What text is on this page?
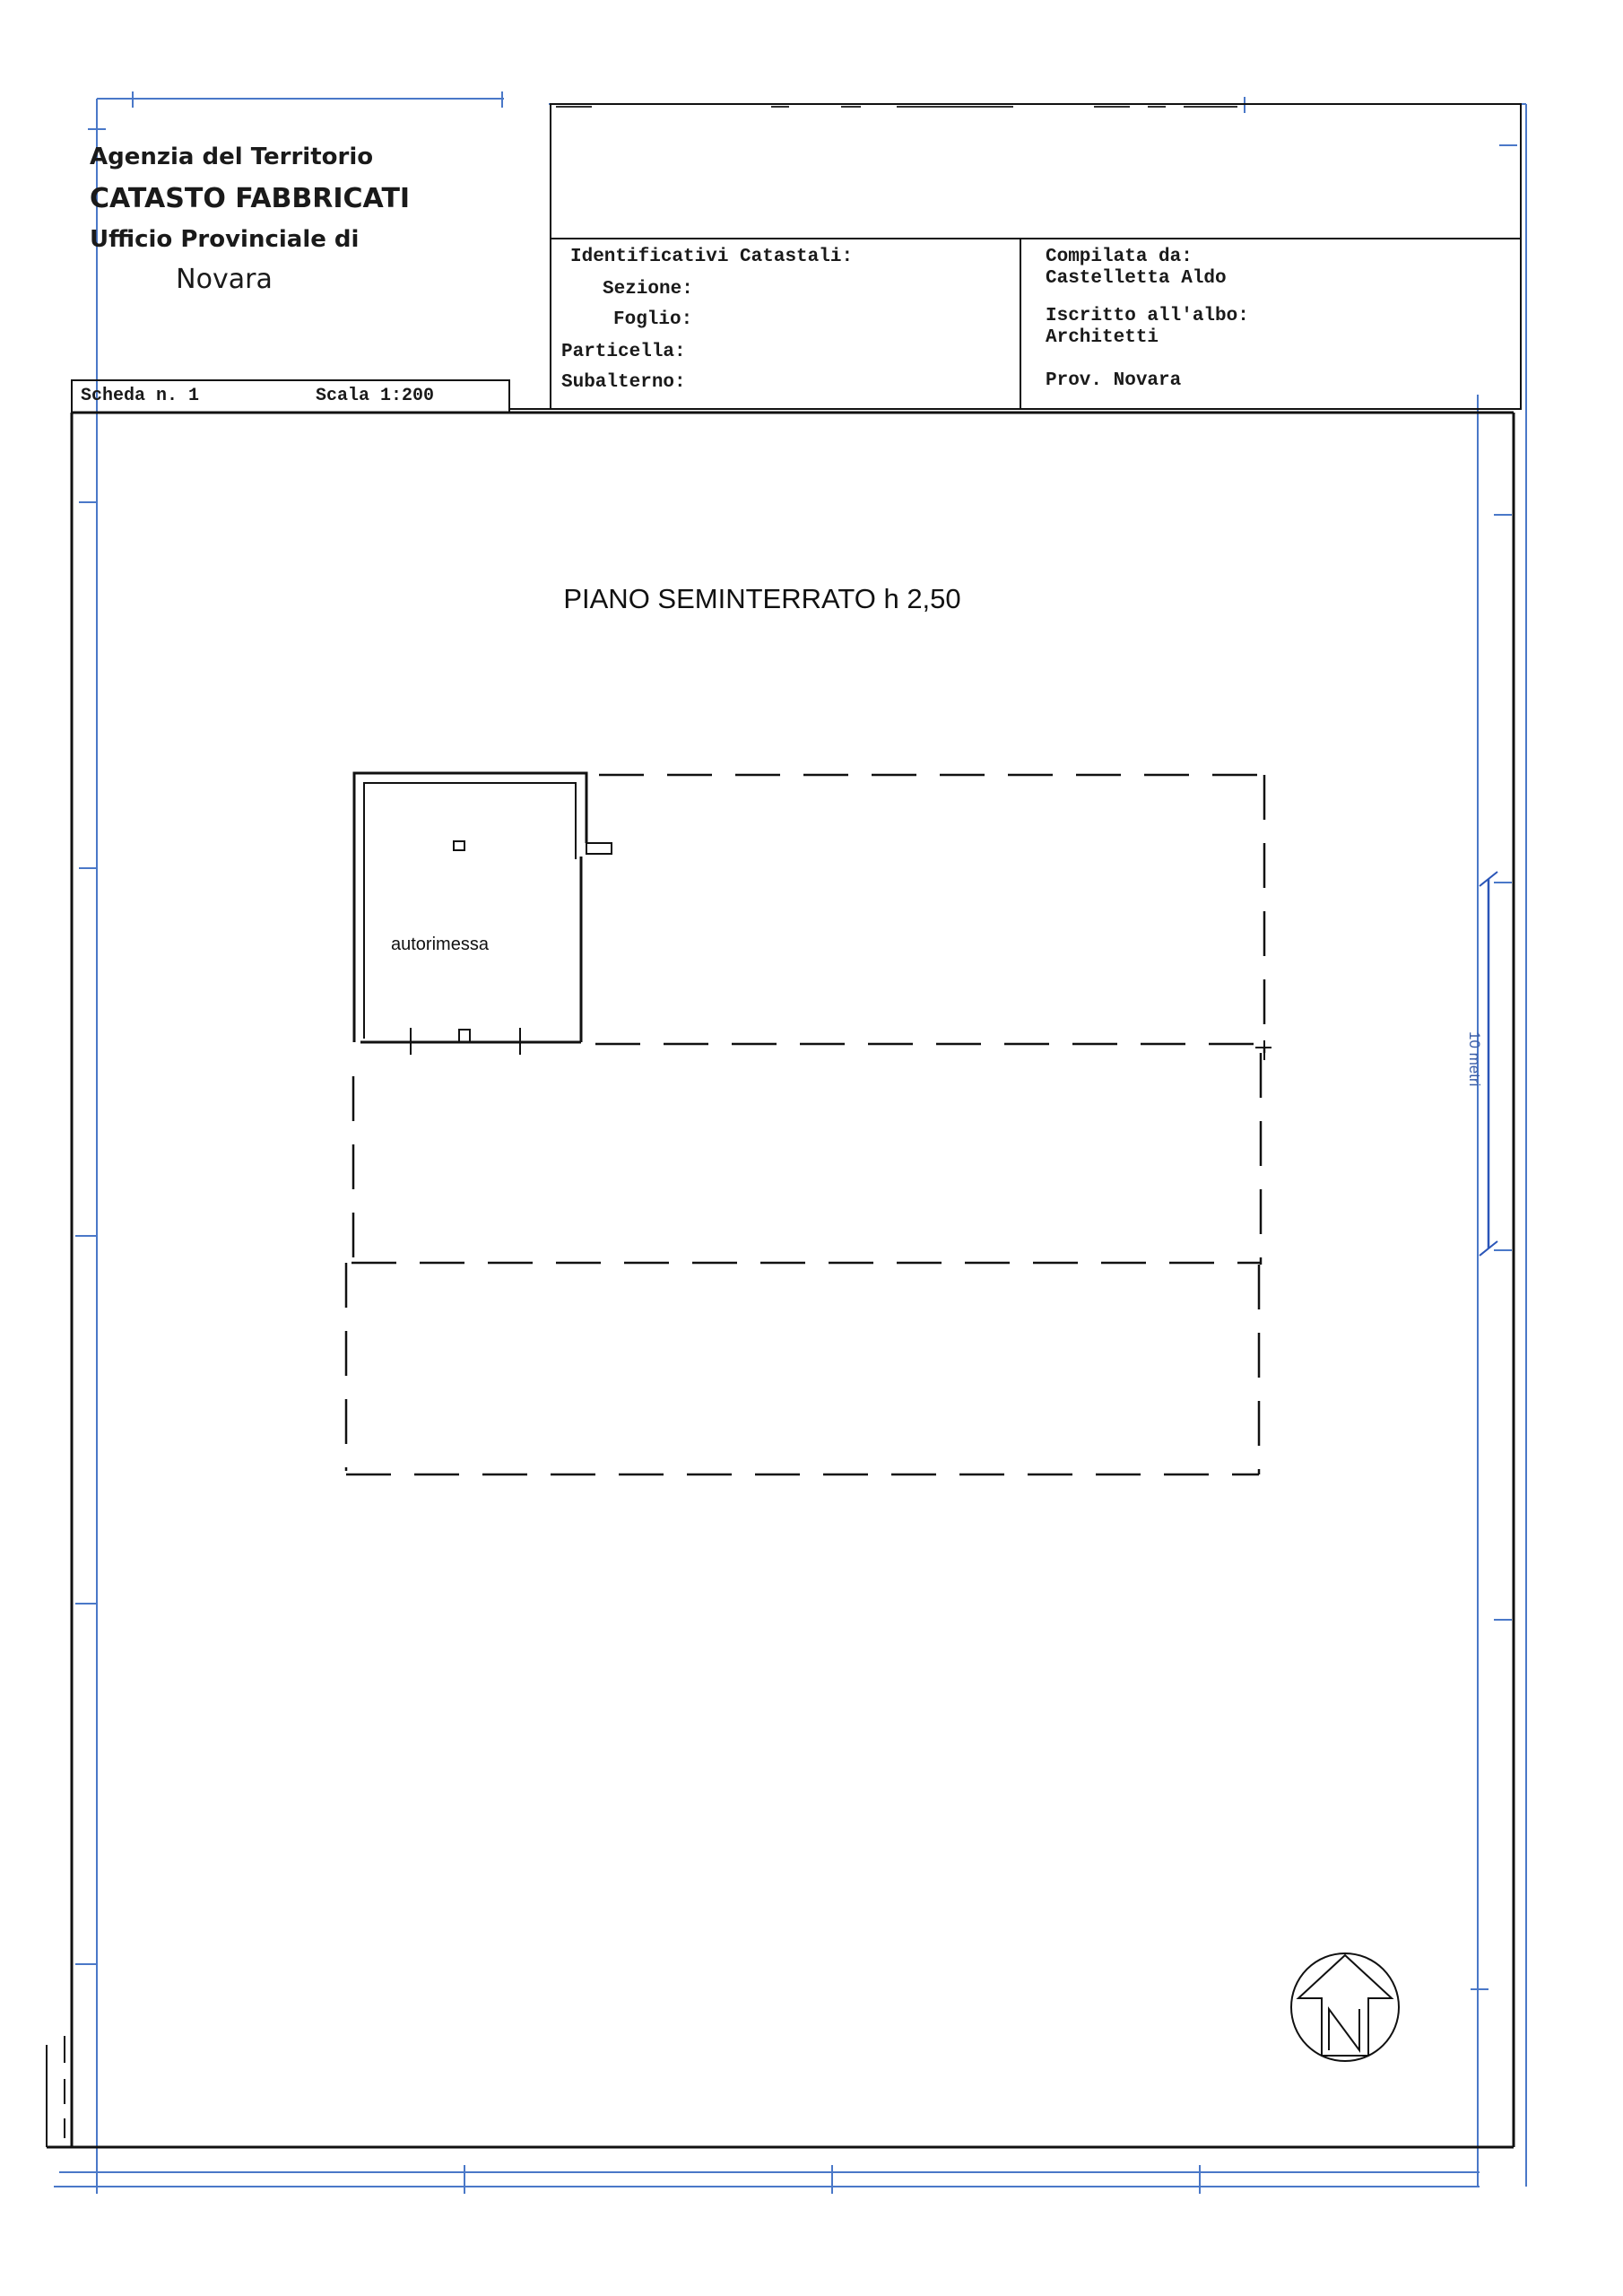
Agenzia del Territorio
CATASTO FABBRICATI
Ufficio Provinciale di
Novara
Scheda n. 1	Scala 1:200
Identificativi Catastali:
Sezione:
Foglio:
Particella:
Subalterno:
Compilata da:
Castelletta Aldo
Iscritto all'albo:
Architetti
Prov. Novara
PIANO SEMINTERRATO h 2,50
autorimessa
10 metri
